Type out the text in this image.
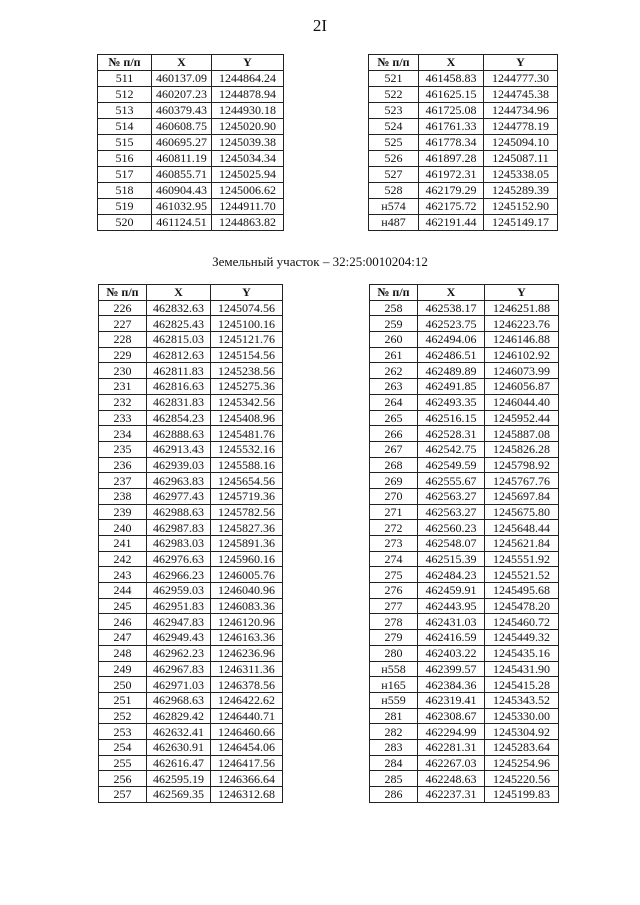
2I
Земельный участок – 32:25:0010204:12
№ п/п	X	Y
511	460137.09	1244864.24
512	460207.23	1244878.94
513	460379.43	1244930.18
514	460608.75	1245020.90
515	460695.27	1245039.38
516	460811.19	1245034.34
517	460855.71	1245025.94
518	460904.43	1245006.62
519	461032.95	1244911.70
520	461124.51	1244863.82
№ п/п	X	Y
521	461458.83	1244777.30
522	461625.15	1244745.38
523	461725.08	1244734.96
524	461761.33	1244778.19
525	461778.34	1245094.10
526	461897.28	1245087.11
527	461972.31	1245338.05
528	462179.29	1245289.39
н574	462175.72	1245152.90
н487	462191.44	1245149.17
№ п/п	X	Y
226	462832.63	1245074.56
227	462825.43	1245100.16
228	462815.03	1245121.76
229	462812.63	1245154.56
230	462811.83	1245238.56
231	462816.63	1245275.36
232	462831.83	1245342.56
233	462854.23	1245408.96
234	462888.63	1245481.76
235	462913.43	1245532.16
236	462939.03	1245588.16
237	462963.83	1245654.56
238	462977.43	1245719.36
239	462988.63	1245782.56
240	462987.83	1245827.36
241	462983.03	1245891.36
242	462976.63	1245960.16
243	462966.23	1246005.76
244	462959.03	1246040.96
245	462951.83	1246083.36
246	462947.83	1246120.96
247	462949.43	1246163.36
248	462962.23	1246236.96
249	462967.83	1246311.36
250	462971.03	1246378.56
251	462968.63	1246422.62
252	462829.42	1246440.71
253	462632.41	1246460.66
254	462630.91	1246454.06
255	462616.47	1246417.56
256	462595.19	1246366.64
257	462569.35	1246312.68
№ п/п	X	Y
258	462538.17	1246251.88
259	462523.75	1246223.76
260	462494.06	1246146.88
261	462486.51	1246102.92
262	462489.89	1246073.99
263	462491.85	1246056.87
264	462493.35	1246044.40
265	462516.15	1245952.44
266	462528.31	1245887.08
267	462542.75	1245826.28
268	462549.59	1245798.92
269	462555.67	1245767.76
270	462563.27	1245697.84
271	462563.27	1245675.80
272	462560.23	1245648.44
273	462548.07	1245621.84
274	462515.39	1245551.92
275	462484.23	1245521.52
276	462459.91	1245495.68
277	462443.95	1245478.20
278	462431.03	1245460.72
279	462416.59	1245449.32
280	462403.22	1245435.16
н558	462399.57	1245431.90
н165	462384.36	1245415.28
н559	462319.41	1245343.52
281	462308.67	1245330.00
282	462294.99	1245304.92
283	462281.31	1245283.64
284	462267.03	1245254.96
285	462248.63	1245220.56
286	462237.31	1245199.83
